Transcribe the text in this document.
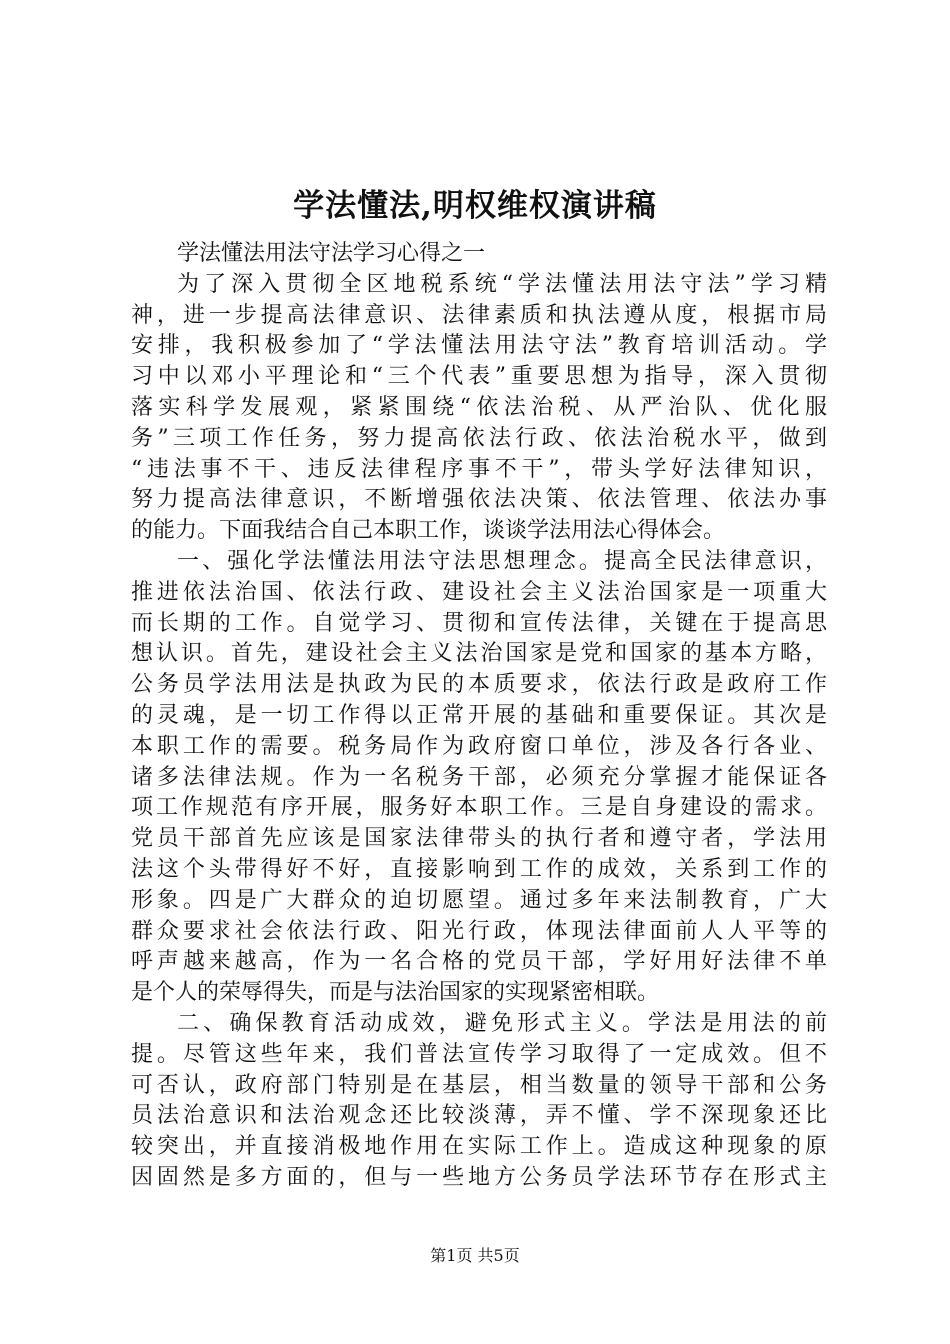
学法懂法,明权维权演讲稿
学法懂法用法守法学习心得之一
为了深入贯彻全区地税系统“学法懂法用法守法”学习精
神，进一步提高法律意识、法律素质和执法遵从度，根据市局
安排，我积极参加了“学法懂法用法守法”教育培训活动。学
习中以邓小平理论和“三个代表”重要思想为指导，深入贯彻
落实科学发展观，紧紧围绕“依法治税、从严治队、优化服
务”三项工作任务，努力提高依法行政、依法治税水平，做到
“违法事不干、违反法律程序事不干”，带头学好法律知识，
努力提高法律意识，不断增强依法决策、依法管理、依法办事
的能力。下面我结合自己本职工作，谈谈学法用法心得体会。
一、强化学法懂法用法守法思想理念。提高全民法律意识，
推进依法治国、依法行政、建设社会主义法治国家是一项重大
而长期的工作。自觉学习、贯彻和宣传法律，关键在于提高思
想认识。首先，建设社会主义法治国家是党和国家的基本方略，
公务员学法用法是执政为民的本质要求，依法行政是政府工作
的灵魂，是一切工作得以正常开展的基础和重要保证。其次是
本职工作的需要。税务局作为政府窗口单位，涉及各行各业、
诸多法律法规。作为一名税务干部，必须充分掌握才能保证各
项工作规范有序开展，服务好本职工作。三是自身建设的需求。
党员干部首先应该是国家法律带头的执行者和遵守者，学法用
法这个头带得好不好，直接影响到工作的成效，关系到工作的
形象。四是广大群众的迫切愿望。通过多年来法制教育，广大
群众要求社会依法行政、阳光行政，体现法律面前人人平等的
呼声越来越高，作为一名合格的党员干部，学好用好法律不单
是个人的荣辱得失，而是与法治国家的实现紧密相联。
二、确保教育活动成效，避免形式主义。学法是用法的前
提。尽管这些年来，我们普法宣传学习取得了一定成效。但不
可否认，政府部门特别是在基层，相当数量的领导干部和公务
员法治意识和法治观念还比较淡薄，弄不懂、学不深现象还比
较突出，并直接消极地作用在实际工作上。造成这种现象的原
因固然是多方面的，但与一些地方公务员学法环节存在形式主
第1页 共5页
